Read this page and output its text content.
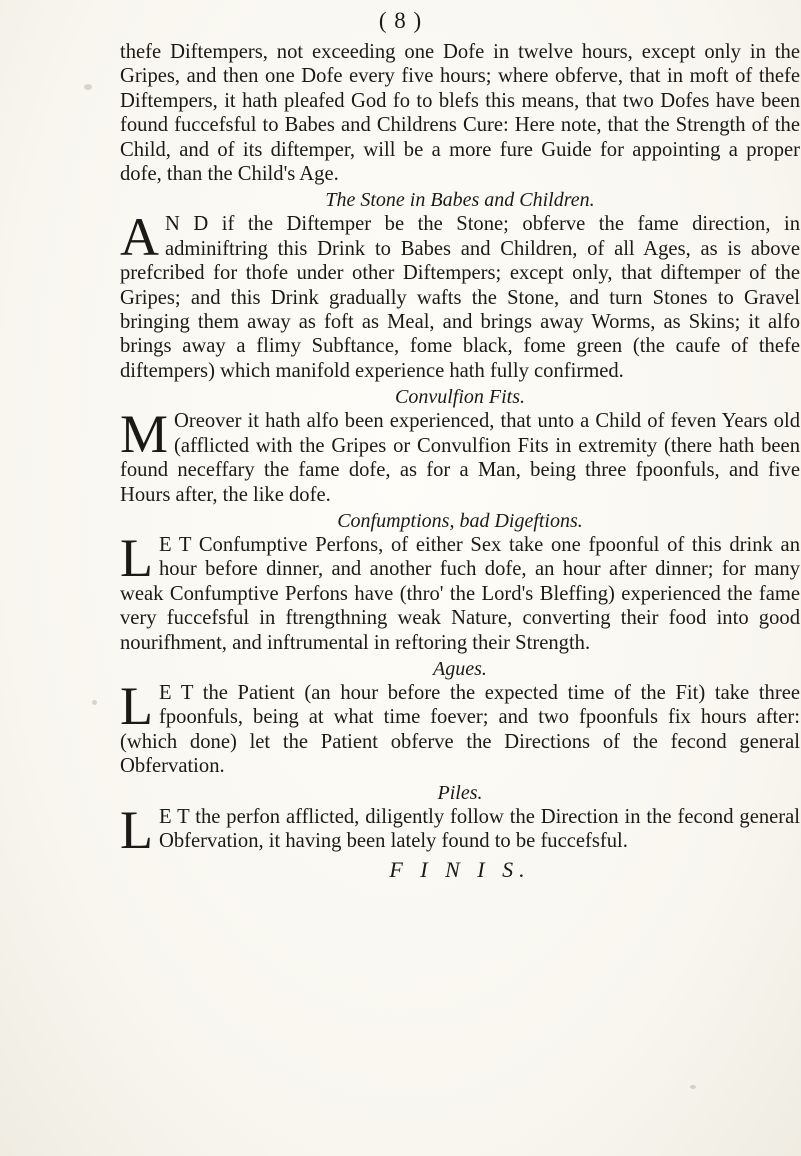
( 8 )

thefe Diftempers, not exceeding one Dofe in twelve hours, except only in the Gripes, and then one Dofe every five hours; where obferve, that in moft of thefe Diftempers, it hath pleafed God fo to blefs this means, that two Dofes have been found fuccefsful to Babes and Childrens Cure: Here note, that the Strength of the Child, and of its diftemper, will be a more fure Guide for appointing a proper dofe, than the Child's Age.

The Stone in Babes and Children.

A N D if the Diftemper be the Stone; obferve the fame direction, in adminiftring this Drink to Babes and Children, of all Ages, as is above prefcribed for thofe under other Diftempers; except only, that diftemper of the Gripes; and this Drink gradually wafts the Stone, and turn Stones to Gravel bringing them away as foft as Meal, and brings away Worms, as Skins; it alfo brings away a flimy Subftance, fome black, fome green (the caufe of thefe diftempers) which manifold experience hath fully confirmed.

Convulfion Fits.

M Oreover it hath alfo been experienced, that unto a Child of feven Years old (afflicted with the Gripes or Convulfion Fits in extremity (there hath been found neceffary the fame dofe, as for a Man, being three fpoonfuls, and five Hours after, the like dofe.

Confumptions, bad Digeftions.

L E T Confumptive Perfons, of either Sex take one fpoonful of this drink an hour before dinner, and another fuch dofe, an hour after dinner; for many weak Confumptive Perfons have (thro' the Lord's Bleffing) experienced the fame very fuccefsful in ftrengthning weak Nature, converting their food into good nourifhment, and inftrumental in reftoring their Strength.

Agues.

L E T the Patient (an hour before the expected time of the Fit) take three fpoonfuls, being at what time foever; and two fpoonfuls fix hours after: (which done) let the Patient obferve the Directions of the fecond general Obfervation.

Piles.

L E T the perfon afflicted, diligently follow the Direction in the fecond general Obfervation, it having been lately found to be fuccefsful.

F I N I S.
